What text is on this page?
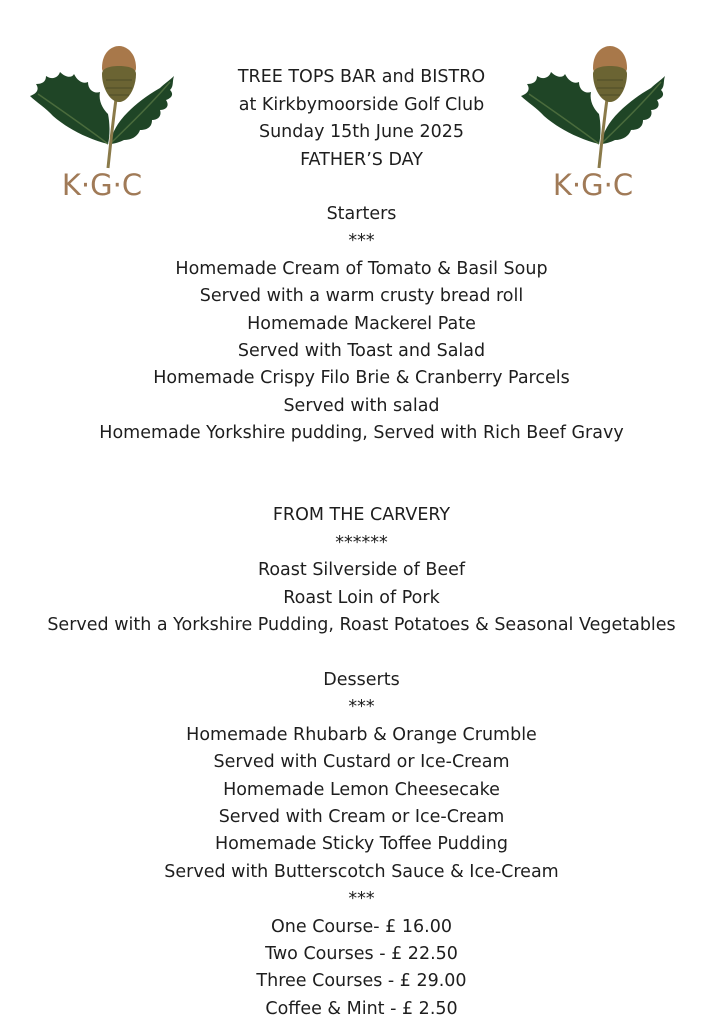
K·G·C	K·G·C
TREE TOPS BAR and BISTRO
at Kirkbymoorside Golf Club
Sunday 15th June 2025
FATHER’S DAY
Starters
***
Homemade Cream of Tomato & Basil Soup
Served with a warm crusty bread roll
Homemade Mackerel Pate
Served with Toast and Salad
Homemade Crispy Filo Brie & Cranberry Parcels
Served with salad
Homemade Yorkshire pudding, Served with Rich Beef Gravy
FROM THE CARVERY
******
Roast Silverside of Beef
Roast Loin of Pork
Served with a Yorkshire Pudding, Roast Potatoes & Seasonal Vegetables
Desserts
***
Homemade Rhubarb & Orange Crumble
Served with Custard or Ice-Cream
Homemade Lemon Cheesecake
Served with Cream or Ice-Cream
Homemade Sticky Toffee Pudding
Served with Butterscotch Sauce & Ice-Cream
***
One Course- £ 16.00
Two Courses - £ 22.50
Three Courses - £ 29.00
Coffee & Mint - £ 2.50
